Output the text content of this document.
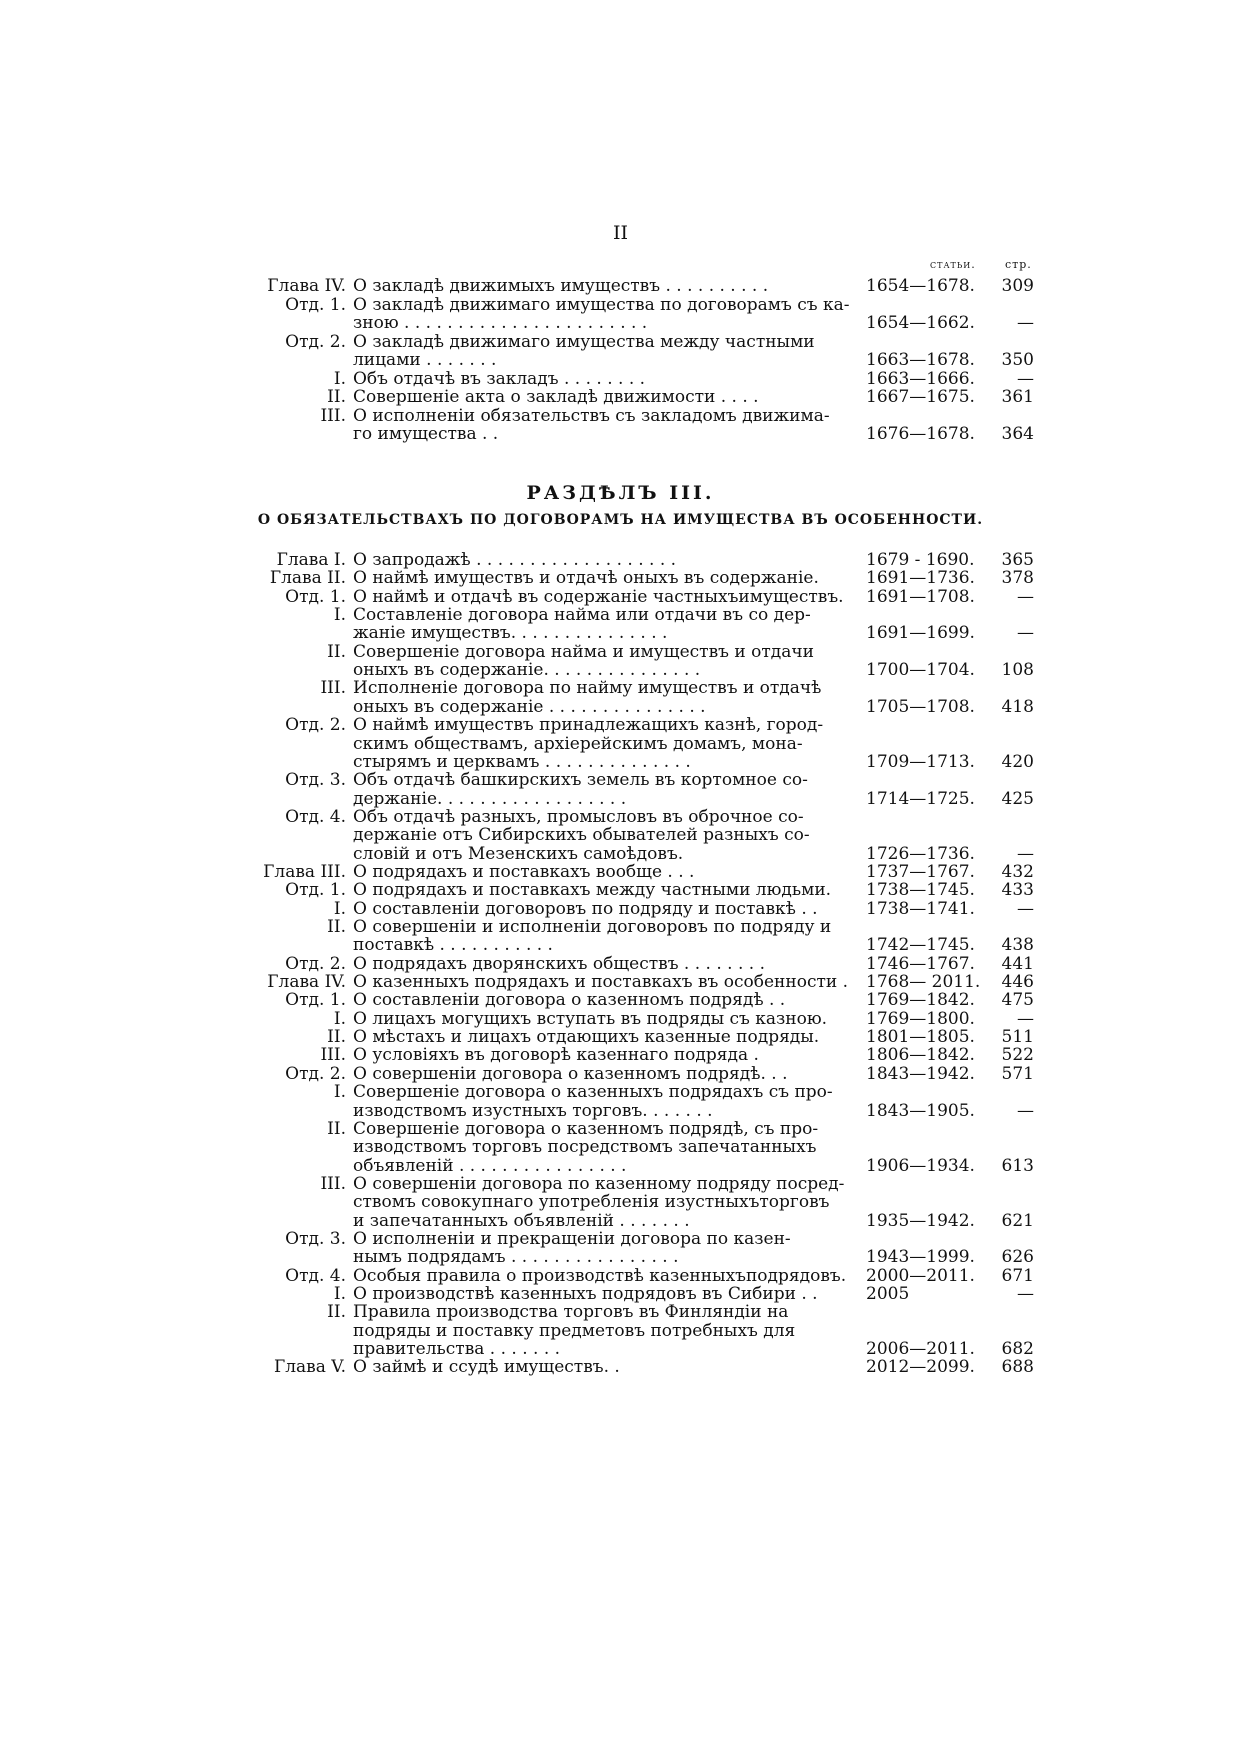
II
статьи.	стр.
Глава IV. О закладѣ движимыхъ имуществъ . . . . . . . . . .	1654—1678. 309
Отд. 1. О закладѣ движимаго имущества по договорамъ съ ка-
зною . . . . . . . . . . . . . . . . . . . . . . .	1654—1662. —
Отд. 2. О закладѣ движимаго имущества между частными
лицами . . . . . . .	1663—1678. 350
I. Объ отдачѣ въ закладъ . . . . . . . .	1663—1666. —
II. Совершеніе акта о закладѣ движимости . . . .	1667—1675. 361
III. О исполненіи обязательствъ съ закладомъ движима-
го имущества . .	1676—1678. 364
РАЗДѢЛЪ III.
О ОБЯЗАТЕЛЬСТВАХЪ ПО ДОГОВОРАМЪ НА ИМУЩЕСТВА ВЪ ОСОБЕННОСТИ.
Глава I. О запродажѣ . . . . . . . . . . . . . . . . . . .	1679 - 1690. 365
Глава II. О наймѣ имуществъ и отдачѣ оныхъ въ содержаніе.	1691—1736. 378
Отд. 1. О наймѣ и отдачѣ въ содержаніе частныхъимуществъ. 1691—1708. —
I. Составленіе договора найма или отдачи въ со дер-
жаніе имуществъ. . . . . . . . . . . . . . .	1691—1699. —
II. Совершеніе договора найма и имуществъ и отдачи
оныхъ въ содержаніе. . . . . . . . . . . . . . .	1700—1704. 108
III. Исполненіе договора по найму имуществъ и отдачѣ
оныхъ въ содержаніе . . . . . . . . . . . . . . .	1705—1708. 418
Отд. 2. О наймѣ имуществъ принадлежащихъ казнѣ, город-
скимъ обществамъ, архіерейскимъ домамъ, мона-
стырямъ и церквамъ . . . . . . . . . . . . . .	1709—1713. 420
Отд. 3. Объ отдачѣ башкирскихъ земель въ кортомное со-
держаніе. . . . . . . . . . . . . . . . . .	1714—1725. 425
Отд. 4. Объ отдачѣ разныхъ, промысловъ въ оброчное со-
держаніе отъ Сибирскихъ обывателей разныхъ со-
словій и отъ Мезенскихъ самоѣдовъ.	1726—1736. —
Глава III. О подрядахъ и поставкахъ вообще . . .	1737—1767. 432
Отд. 1. О подрядахъ и поставкахъ между частными людьми. 1738—1745. 433
I. О составленіи договоровъ по подряду и поставкѣ . .	1738—1741. —
II. О совершеніи и исполненіи договоровъ по подряду и
поставкѣ . . . . . . . . . . .	1742—1745. 438
Отд. 2. О подрядахъ дворянскихъ обществъ . . . . . . . .	1746—1767. 441
Глава IV. О казенныхъ подрядахъ и поставкахъ въ особенности . 1768— 2011. 446
Отд. 1. О составленіи договора о казенномъ подрядѣ . .	1769—1842. 475
I. О лицахъ могущихъ вступать въ подряды съ казною. 1769—1800. —
II. О мѣстахъ и лицахъ отдающихъ казенные подряды.	1801—1805. 511
III. О условіяхъ въ договорѣ казеннаго подряда .	1806—1842. 522
Отд. 2. О совершеніи договора о казенномъ подрядѣ. . .	1843—1942. 571
I. Совершеніе договора о казенныхъ подрядахъ съ про-
изводствомъ изустныхъ торговъ. . . . . . .	1843—1905. —
II. Совершеніе договора о казенномъ подрядѣ, съ про-
изводствомъ торговъ посредствомъ запечатанныхъ
объявленій . . . . . . . . . . . . . . . .	1906—1934. 613
III. О совершеніи договора по казенному подряду посред-
ствомъ совокупнаго употребленія изустныхъторговъ
и запечатанныхъ объявленій . . . . . . .	1935—1942. 621
Отд. 3. О исполненіи и прекращеніи договора по казен-
нымъ подрядамъ . . . . . . . . . . . . . . . .	1943—1999. 626
Отд. 4. Особыя правила о производствѣ казенныхъподрядовъ. 2000—2011. 671
I. О производствѣ казенныхъ подрядовъ въ Сибири . .	2005	—
II. Правила производства торговъ въ Финляндіи на
подряды и поставку предметовъ потребныхъ для
правительства . . . . . . .	2006—2011. 682
Глава V. О займѣ и ссудѣ имуществъ. .	2012—2099. 688
